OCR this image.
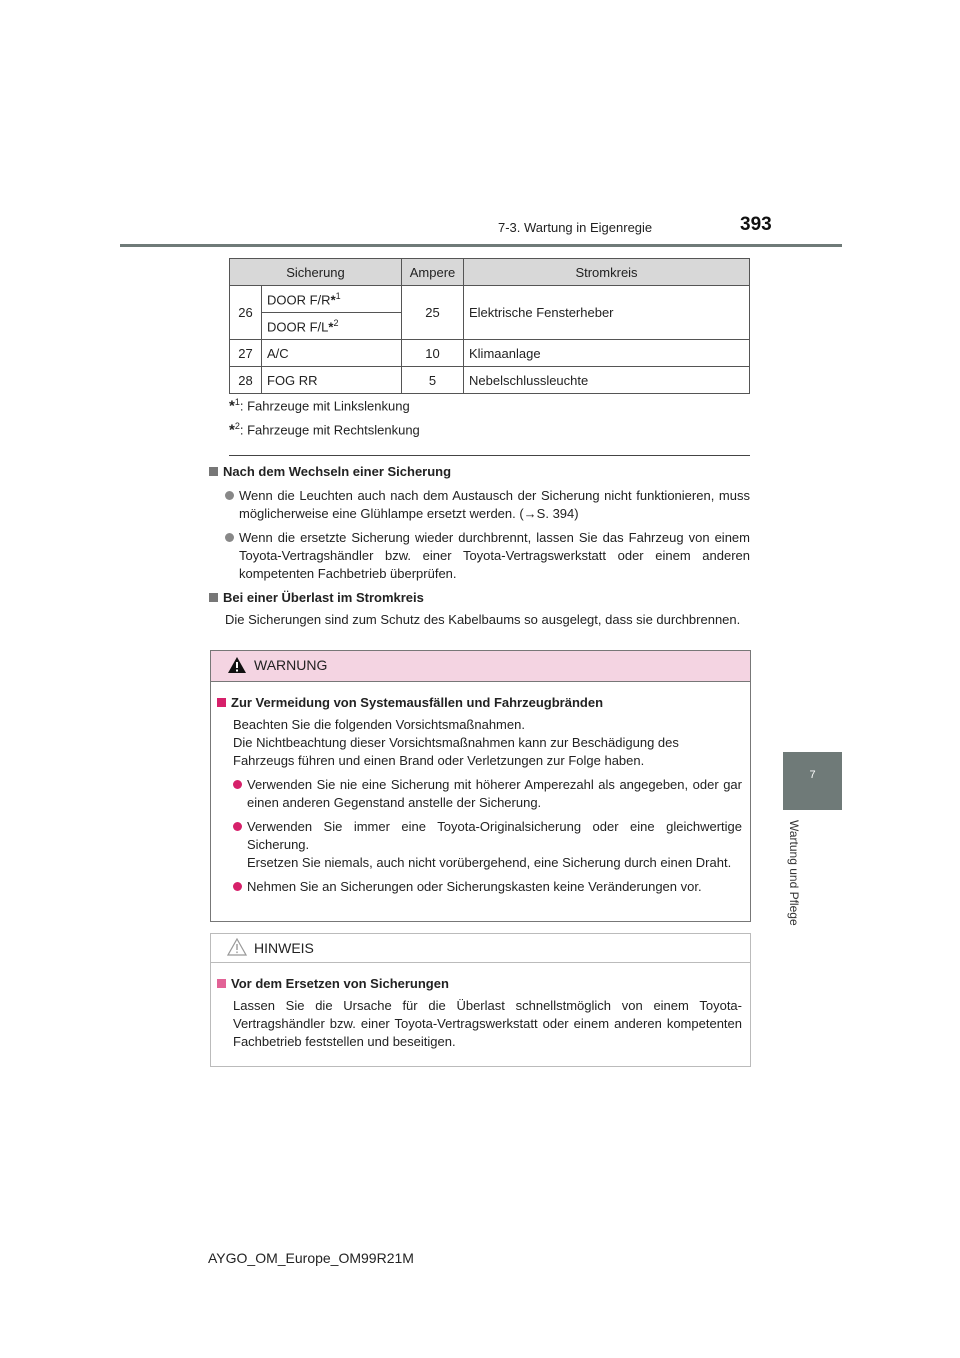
7-3. Wartung in Eigenregie	393
7
Wartung und Pflege
Sicherung		Ampere	Stromkreis
26	DOOR F/R*$^1$	25	Elektrische Fensterheber
	DOOR F/L*$^2$
27	A/C	10	Klimaanlage
28	FOG RR	5	Nebelschlussleuchte
*$^1$: Fahrzeuge mit Linkslenkung
*$^2$: Fahrzeuge mit Rechtslenkung
Nach dem Wechseln einer Sicherung
Wenn die Leuchten auch nach dem Austausch der Sicherung nicht funktionieren, muss möglicherweise eine Glühlampe ersetzt werden. (→S. 394)
Wenn die ersetzte Sicherung wieder durchbrennt, lassen Sie das Fahrzeug von einem Toyota-Vertragshändler bzw. einer Toyota-Vertragswerkstatt oder einem anderen kompetenten Fachbetrieb überprüfen.
Bei einer Überlast im Stromkreis
Die Sicherungen sind zum Schutz des Kabelbaums so ausgelegt, dass sie durchbrennen.
WARNUNG
Zur Vermeidung von Systemausfällen und Fahrzeugbränden
Beachten Sie die folgenden Vorsichtsmaßnahmen.
Die Nichtbeachtung dieser Vorsichtsmaßnahmen kann zur Beschädigung des Fahrzeugs führen und einen Brand oder Verletzungen zur Folge haben.
Verwenden Sie nie eine Sicherung mit höherer Amperezahl als angegeben, oder gar einen anderen Gegenstand anstelle der Sicherung.
Verwenden Sie immer eine Toyota-Originalsicherung oder eine gleichwertige Sicherung.
Ersetzen Sie niemals, auch nicht vorübergehend, eine Sicherung durch einen Draht.
Nehmen Sie an Sicherungen oder Sicherungskasten keine Veränderungen vor.
HINWEIS
Vor dem Ersetzen von Sicherungen
Lassen Sie die Ursache für die Überlast schnellstmöglich von einem Toyota-Vertragshändler bzw. einer Toyota-Vertragswerkstatt oder einem anderen kompetenten Fachbetrieb feststellen und beseitigen.
AYGO_OM_Europe_OM99R21M
